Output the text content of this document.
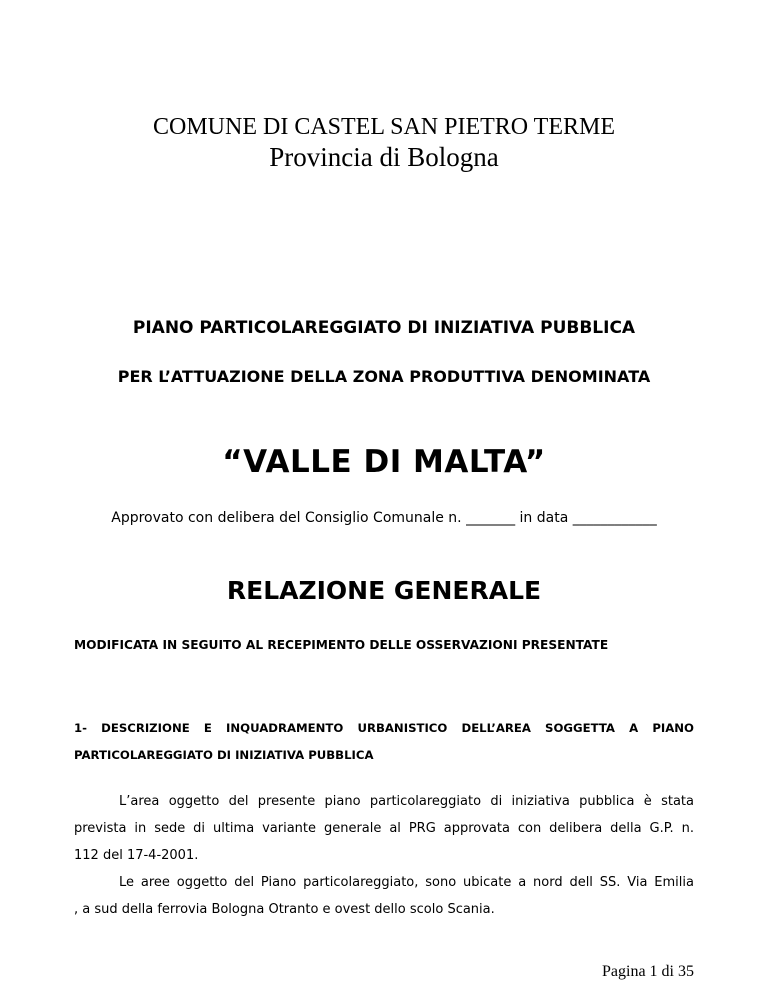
COMUNE DI CASTEL SAN PIETRO TERME
Provincia di Bologna
PIANO PARTICOLAREGGIATO DI INIZIATIVA PUBBLICA
PER L’ATTUAZIONE DELLA ZONA PRODUTTIVA DENOMINATA
“VALLE DI MALTA”
Approvato con delibera del Consiglio Comunale n. _______ in data ____________
RELAZIONE GENERALE
MODIFICATA IN SEGUITO AL RECEPIMENTO DELLE OSSERVAZIONI PRESENTATE
1- DESCRIZIONE E INQUADRAMENTO URBANISTICO DELL’AREA SOGGETTA A PIANO
PARTICOLAREGGIATO DI INIZIATIVA PUBBLICA
L’area oggetto del presente piano particolareggiato di iniziativa pubblica è stata
prevista in sede di ultima variante generale al PRG approvata con delibera della G.P. n.
112 del 17-4-2001.
Le aree oggetto del Piano particolareggiato, sono ubicate a nord dell SS. Via Emilia
, a sud della ferrovia Bologna Otranto e ovest dello scolo Scania.
Pagina 1 di 35
